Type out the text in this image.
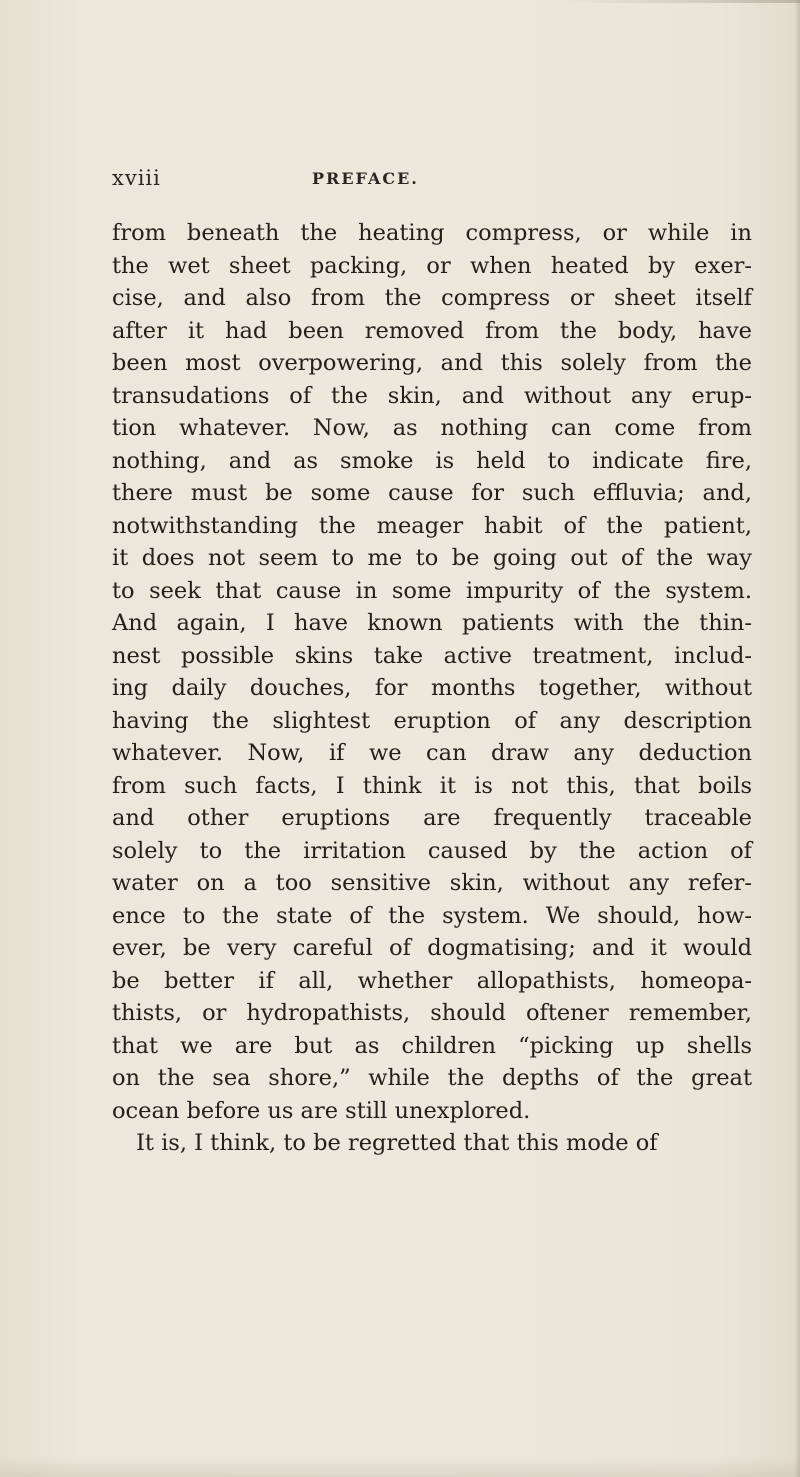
xviii	PREFACE.
from beneath the heating compress, or while in
the wet sheet packing, or when heated by exer-
cise, and also from the compress or sheet itself
after it had been removed from the body, have
been most overpowering, and this solely from the
transudations of the skin, and without any erup-
tion whatever. Now, as nothing can come from
nothing, and as smoke is held to indicate fire,
there must be some cause for such effluvia; and,
notwithstanding the meager habit of the patient,
it does not seem to me to be going out of the way
to seek that cause in some impurity of the system.
And again, I have known patients with the thin-
nest possible skins take active treatment, includ-
ing daily douches, for months together, without
having the slightest eruption of any description
whatever. Now, if we can draw any deduction
from such facts, I think it is not this, that boils
and other eruptions are frequently traceable
solely to the irritation caused by the action of
water on a too sensitive skin, without any refer-
ence to the state of the system. We should, how-
ever, be very careful of dogmatising; and it would
be better if all, whether allopathists, homeopa-
thists, or hydropathists, should oftener remember,
that we are but as children “picking up shells
on the sea shore,” while the depths of the great
ocean before us are still unexplored.
It is, I think, to be regretted that this mode of
